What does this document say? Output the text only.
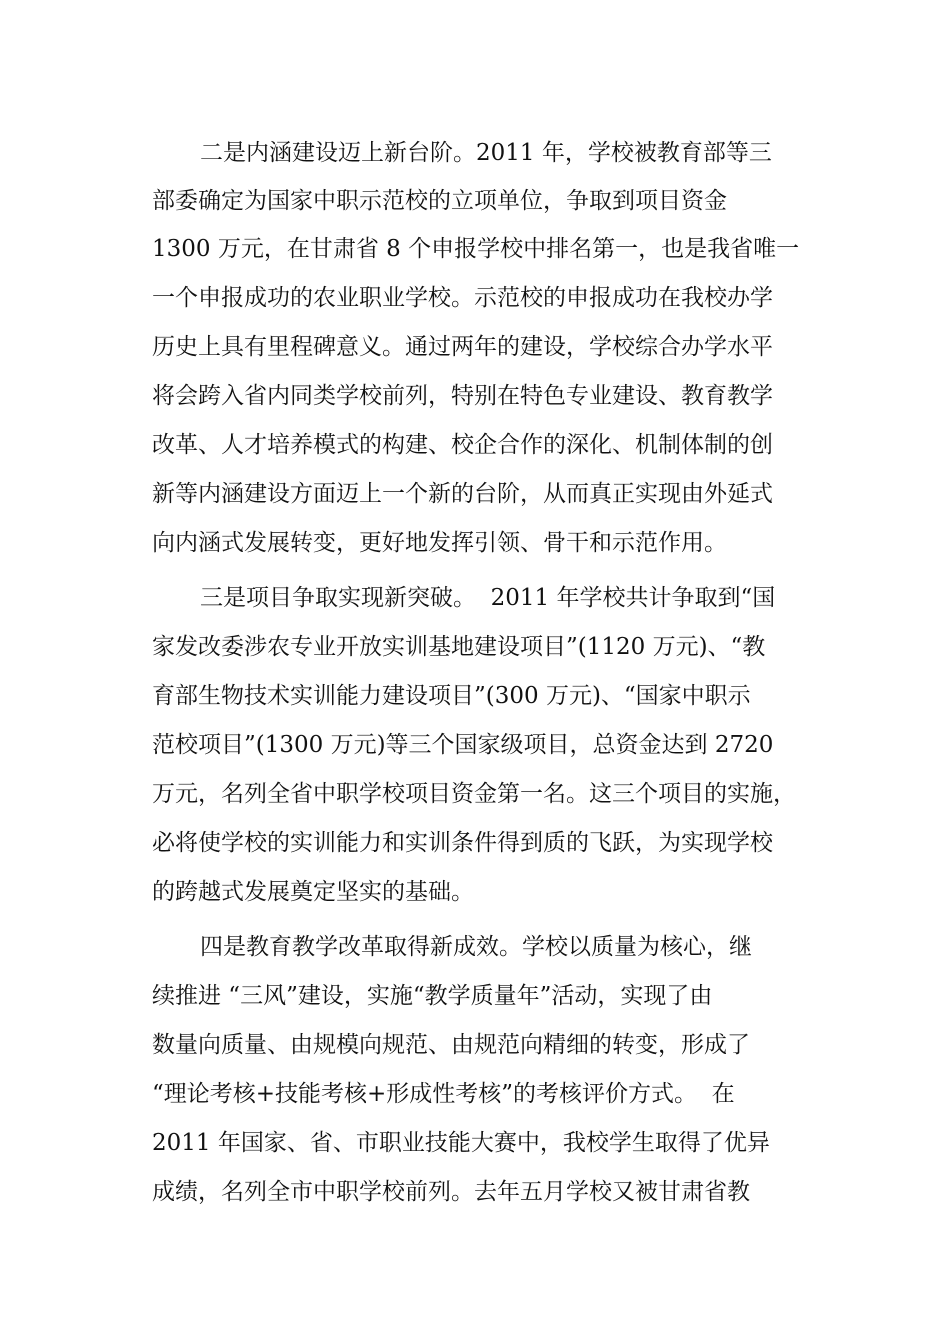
二是内涵建设迈上新台阶。2011 年，学校被教育部等三
部委确定为国家中职示范校的立项单位，争取到项目资金
1300 万元，在甘肃省 8 个申报学校中排名第一，也是我省唯一
一个申报成功的农业职业学校。示范校的申报成功在我校办学
历史上具有里程碑意义。通过两年的建设，学校综合办学水平
将会跨入省内同类学校前列，特别在特色专业建设、教育教学
改革、人才培养模式的构建、校企合作的深化、机制体制的创
新等内涵建设方面迈上一个新的台阶，从而真正实现由外延式
向内涵式发展转变，更好地发挥引领、骨干和示范作用。
三是项目争取实现新突破。  2011 年学校共计争取到“国
家发改委涉农专业开放实训基地建设项目”(1120 万元)、“教
育部生物技术实训能力建设项目”(300 万元)、“国家中职示
范校项目”(1300 万元)等三个国家级项目，总资金达到 2720
万元，名列全省中职学校项目资金第一名。这三个项目的实施，
必将使学校的实训能力和实训条件得到质的飞跃，为实现学校
的跨越式发展奠定坚实的基础。
四是教育教学改革取得新成效。学校以质量为核心，继
续推进 “三风”建设，实施“教学质量年”活动，实现了由
数量向质量、由规模向规范、由规范向精细的转变，形成了
“理论考核+技能考核+形成性考核”的考核评价方式。  在
2011 年国家、省、市职业技能大赛中，我校学生取得了优异
成绩，名列全市中职学校前列。去年五月学校又被甘肃省教
